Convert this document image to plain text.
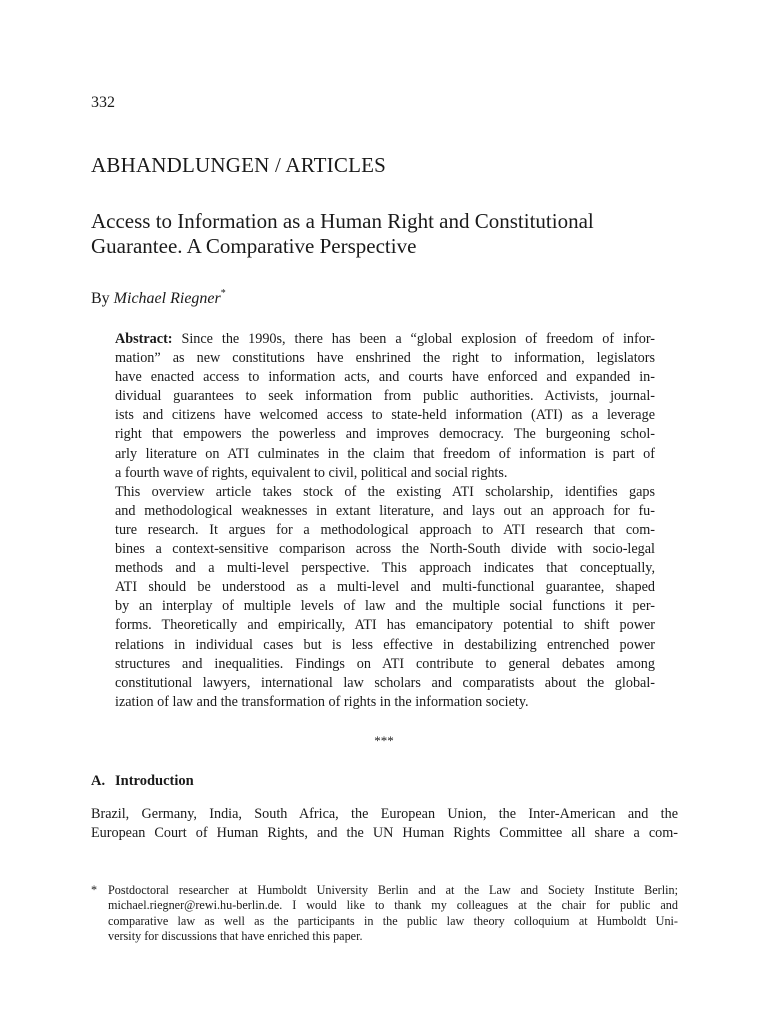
332
ABHANDLUNGEN / ARTICLES
Access to Information as a Human Right and Constitutional
Guarantee. A Comparative Perspective
By Michael Riegner*

Abstract: Since the 1990s, there has been a “global explosion of freedom of infor-
mation” as new constitutions have enshrined the right to information, legislators
have enacted access to information acts, and courts have enforced and expanded in-
dividual guarantees to seek information from public authorities. Activists, journal-
ists and citizens have welcomed access to state-held information (ATI) as a leverage
right that empowers the powerless and improves democracy. The burgeoning schol-
arly literature on ATI culminates in the claim that freedom of information is part of
a fourth wave of rights, equivalent to civil, political and social rights.

This overview article takes stock of the existing ATI scholarship, identifies gaps
and methodological weaknesses in extant literature, and lays out an approach for fu-
ture research. It argues for a methodological approach to ATI research that com-
bines a context-sensitive comparison across the North-South divide with socio-legal
methods and a multi-level perspective. This approach indicates that conceptually,
ATI should be understood as a multi-level and multi-functional guarantee, shaped
by an interplay of multiple levels of law and the multiple social functions it per-
forms. Theoretically and empirically, ATI has emancipatory potential to shift power
relations in individual cases but is less effective in destabilizing entrenched power
structures and inequalities. Findings on ATI contribute to general debates among
constitutional lawyers, international law scholars and comparatists about the global-
ization of law and the transformation of rights in the information society.

***
A. Introduction
Brazil, Germany, India, South Africa, the European Union, the Inter-American and the
European Court of Human Rights, and the UN Human Rights Committee all share a com-
* Postdoctoral researcher at Humboldt University Berlin and at the Law and Society Institute Berlin;
michael.riegner@rewi.hu-berlin.de. I would like to thank my colleagues at the chair for public and
comparative law as well as the participants in the public law theory colloquium at Humboldt Uni-
versity for discussions that have enriched this paper.
